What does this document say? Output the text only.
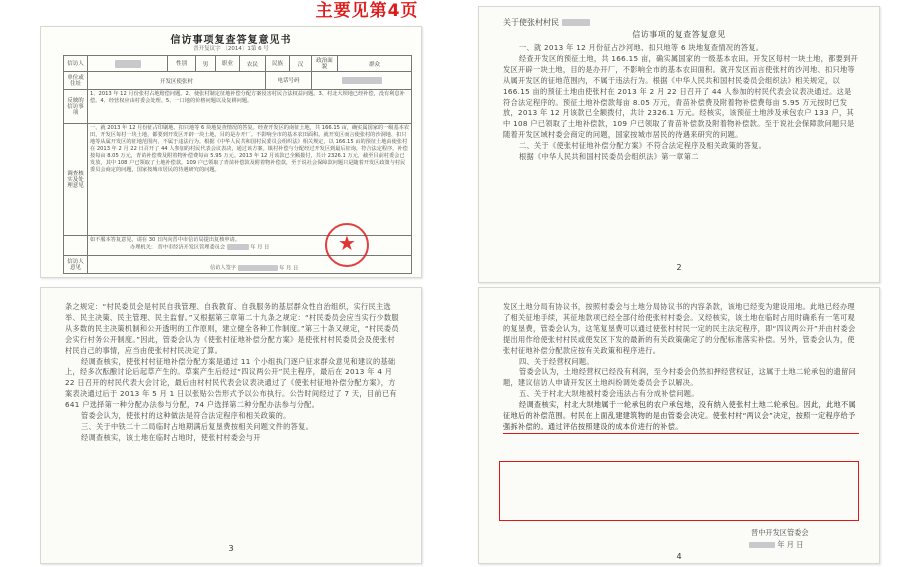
主要见第4页
信访事项复查答复意见书
晋开复议字 〔2014〕1第 6 号
信访人		性别	男	职业	农民	民族	汉	政治面貌	群众
单位或住址	开发区使张村					电话号码			
反映的信访事项	1、2013 年 12 月份张村占地赔偿问题。2、使张村制定征地补偿分配方案侵害村民合法权益问题。3、村北大坝地已经补偿，没有利息补偿。4、经营权应由村委会处理。5、一口地的价格问题以及复耕问题。								
调查核实及处理意见	一、就 2013 年 12 月份征占印刷地、扣只地等 6 块地复查情况的答复。经查开发区的南征土地，共 166.15 亩，确实属国家的一级基本农田，开发区每村一块土地，都要到开发区开辟一块土地，目的是办开厂。不影响全市的基本农田面积。就开发区而言使张村的沙洞地、扣只地等从属开发区的征地范围内，不属于违法行为。根据《中华人民共和国村民委员会组织法》相关规定，以 166.15 亩的预征土地由使张村在 2013 年 2 月 22 日召开了 44 人参加的村民代表会议表决，通过该方案。镇村补偿与分配经过开发区到最后征询，符合法定程序。补偿按每亩 8.05 万元，青苗补偿费及附着物补偿费每亩 5.95 万元。2013 年 12 月该款已全额拨付，共计 2326.1 万元，截至目前村委会已发放，其中 108 户已领取了土地补偿款。109 户已领取了青苗补偿款及附着物补偿款，至于说社会保障款问题只是随着开发区政策与村民委员会商定的问题，国家按城市居民的待遇研究的问题。								

	如不服本答复意见，请在 30 日内向晋中市信访局提出复核申请。
办理机关： 晋中市经济开发区管理委员会 年 月 日								

信访人意见	信访人签字 年 月 日								
★
关于使张村村民
信访事项的复查答复意见

一、就 2013 年 12 月份征占沙河地、扣只地等 6 块地复查情况的答复。

经查开发区的预征土地，共 166.15 亩，确实属国家的一级基本农田。开发区每村一块土地，都要到开发区开辟一块土地，目的是办开厂，不影响全市的基本农田面积。就开发区而言使张村的沙河地、扣只地等从属开发区的征地范围内，不属于违法行为。根据《中华人民共和国村民委员会组织法》相关规定，以 166.15 亩的预征土地由使张村在 2013 年 2 月 22 日召开了 44 人参加的村民代表会议表决通过。这是符合法定程序的。预征土地补偿款每亩 8.05 万元，青苗补偿费及附着物补偿费每亩 5.95 万元按时已发放，2013 年 12 月该款已全额拨付，共计 2326.1 万元。经核实，该预征土地涉及承包农户 133 户，其中 108 户已领取了土地补偿款，109 户已领取了青苗补偿款及附着物补偿款。至于说社会保障款问题只是随着开发区域村委会商定的问题，国家按城市居民的待遇来研究的问题。

二、关于《使张村征地补偿分配方案》不符合法定程序及相关政策的答复。

根据《中华人民共和国村民委员会组织法》第一章第二

2

条之规定：“村民委员会是村民自我管理、自我教育、自我服务的基层群众性自治组织，实行民主选举、民主决策、民主管理、民主监督。”又根据第三章第二十九条之规定：“村民委员会应当实行少数服从多数的民主决策机制和公开透明的工作原则，建立健全各种工作制度。”第三十条又规定，“村民委员会实行村务公开制度。”因此，管委会认为《使张村征地补偿分配方案》是使张村村民委员会及使张村村民自己的事情，应当由使张村村民决定了算。

经调查核实，使张村村征地补偿分配方案是通过 11 个小组执门逐户征求群众意见和建议的基础上，经多次酝酿讨论后起草产生的。草案产生后经过“四议两公开”民主程序，最后在 2013 年 4 月 22 日召开的村民代表大会讨论，最后由村村民代表会议表决通过了《使张村征地补偿分配方案》，方案表决通过后于 2013 年 5 月 1 日以张贴公告形式予以公布执行。公告时间经过了 7 天，目前已有 641 户选择第一种分配办法参与分配，74 户选择第二种分配办法参与分配。

管委会认为，使张村的这种做法是符合法定程序和相关政策的。

三、关于中铁二十二局临时占地期满后复垦费按相关问题文件的答复。

经调查核实，该土地在临时占地时，使张村村委会与开

3

发区土地分局有协议书，按照村委会与土地分局协议书的内容条款，该地已经变为建设用地。此地已经办理了相关征地手续，其征地款项已经全部付给使张村村委会。又经核实，该土地在临时占用时确系有一笔可观的复垦费，管委会认为，这笔复垦费可以通过使张村村民一定的民主法定程序，即“四议两公开”并由村委会提出用作给使张村村民或使发区下发的最新的有关政策确定了的分配标准落实补偿。另外，管委会认为，使张村征地补偿分配款应按有关政策和程序进行。

四、关于经营权问题。

管委会认为，土地经营权已经没有利润，至今村委会仍然扣押经营权证，这属于土地二轮承包的遗留问题，建议信访人申请开发区土地纠纷调处委员会予以解决。

五、关于村北大坝地被村委会违法占有分成补偿问题。

经调查核实，村北大坝地属于一轮承包的农户承包地，没有纳入使张村土地二轮承包。因此，此地不属征地后的补偿范围。村民在上面乱建建筑物的是由管委会决定。使张村村“两议会”决定，按照一定程序给予强拆补偿的。通过评估按照建设的成本价进行的补偿。

晋中开发区管委会
年 月 日
4
